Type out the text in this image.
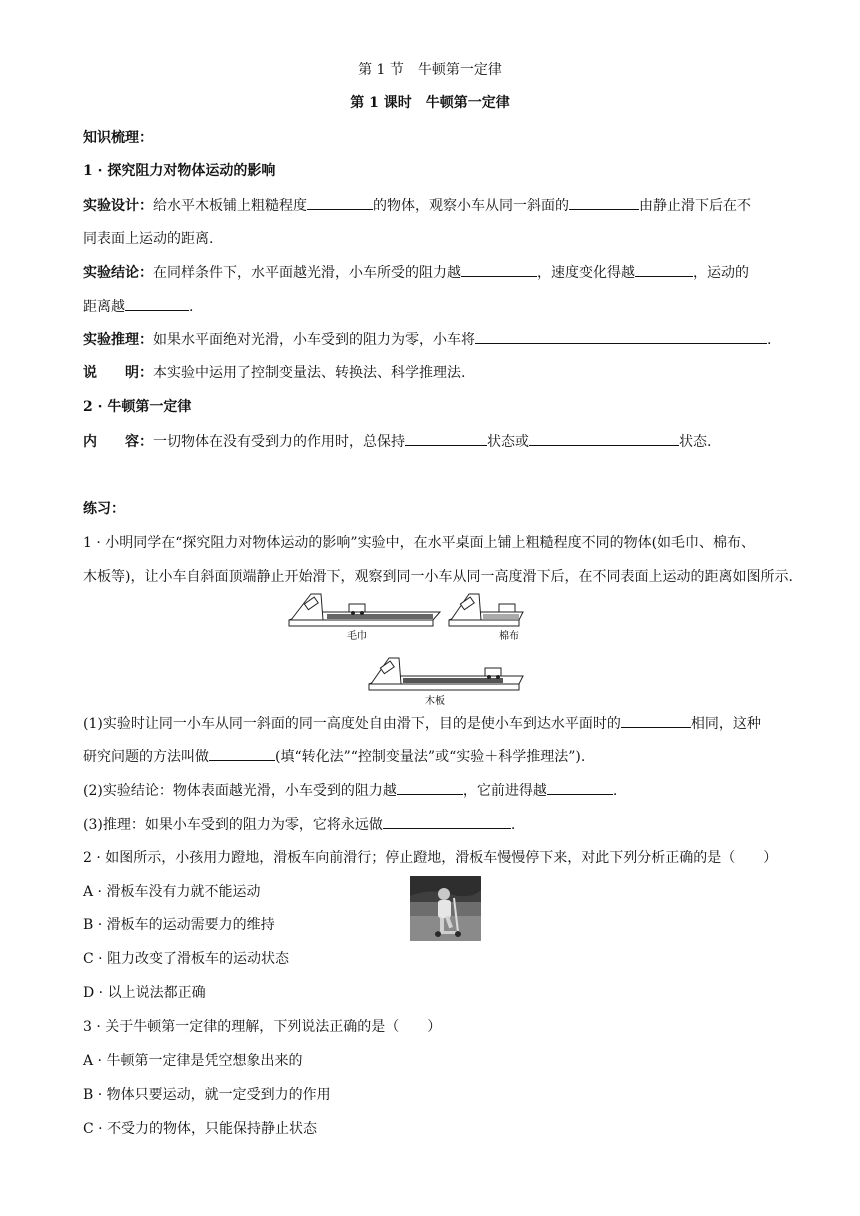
第 1 节　牛顿第一定律
第 1 课时　牛顿第一定律
知识梳理：
1 · 探究阻力对物体运动的影响
实验设计：给水平木板铺上粗糙程度	的物体，观察小车从同一斜面的	由静止滑下后在不
同表面上运动的距离.
实验结论：在同样条件下，水平面越光滑，小车所受的阻力越	，速度变化得越	，运动的
距离越	.
实验推理：如果水平面绝对光滑，小车受到的阻力为零，小车将	.
说　　明：本实验中运用了控制变量法、转换法、科学推理法.
2 · 牛顿第一定律
内　　容：一切物体在没有受到力的作用时，总保持	状态或	状态.
练习：
1 · 小明同学在“探究阻力对物体运动的影响”实验中，在水平桌面上铺上粗糙程度不同的物体(如毛巾、棉布、
木板等)，让小车自斜面顶端静止开始滑下，观察到同一小车从同一高度滑下后，在不同表面上运动的距离如图所示.
毛巾	棉布
木板
(1)实验时让同一小车从同一斜面的同一高度处自由滑下，目的是使小车到达水平面时的	相同，这种
研究问题的方法叫做	(填“转化法”“控制变量法”或“实验＋科学推理法”).
(2)实验结论：物体表面越光滑，小车受到的阻力越	，它前进得越	.
(3)推理：如果小车受到的阻力为零，它将永远做	.
2 · 如图所示，小孩用力蹬地，滑板车向前滑行；停止蹬地，滑板车慢慢停下来，对此下列分析正确的是（　　）
A · 滑板车没有力就不能运动
B · 滑板车的运动需要力的维持
C · 阻力改变了滑板车的运动状态
D · 以上说法都正确
3 · 关于牛顿第一定律的理解，下列说法正确的是（　　）
A · 牛顿第一定律是凭空想象出来的
B · 物体只要运动，就一定受到力的作用
C · 不受力的物体，只能保持静止状态
